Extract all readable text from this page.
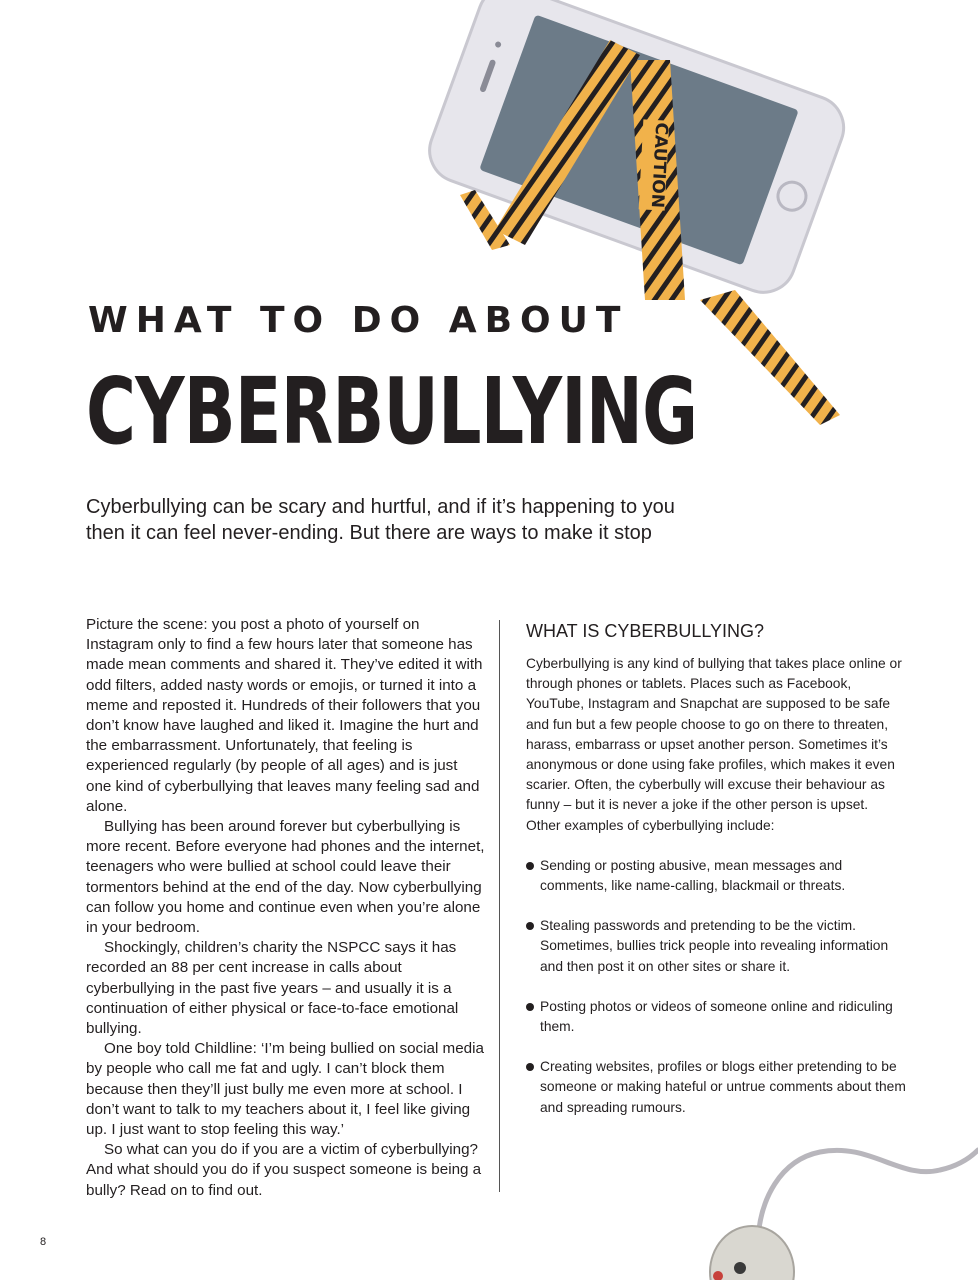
CAUTION
WHAT TO DO ABOUT
CYBERBULLYING
Cyberbullying can be scary and hurtful, and if it’s happening to you
then it can feel never-ending. But there are ways to make it stop

Picture the scene: you post a photo of yourself on Instagram only to find a few hours later that someone has made mean comments and shared it. They’ve edited it with odd filters, added nasty words or emojis, or turned it into a meme and reposted it. Hundreds of their followers that you don’t know have laughed and liked it. Imagine the hurt and the embarrassment. Unfortunately, that feeling is experienced regularly (by people of all ages) and is just one kind of cyberbullying that leaves many feeling sad and alone.

Bullying has been around forever but cyberbullying is more recent. Before everyone had phones and the internet, teenagers who were bullied at school could leave their tormentors behind at the end of the day. Now cyberbullying can follow you home and continue even when you’re alone in your bedroom.

Shockingly, children’s charity the NSPCC says it has recorded an 88 per cent increase in calls about cyberbullying in the past five years – and usually it is a continuation of either physical or face-to-face emotional bullying.

One boy told Childline: ‘I’m being bullied on social media by people who call me fat and ugly. I can’t block them because then they’ll just bully me even more at school. I don’t want to talk to my teachers about it, I feel like giving up. I just want to stop feeling this way.’

So what can you do if you are a victim of cyberbullying? And what should you do if you suspect someone is being a bully? Read on to find out.

WHAT IS CYBERBULLYING?

Cyberbullying is any kind of bullying that takes place online or through phones or tablets. Places such as Facebook, YouTube, Instagram and Snapchat are supposed to be safe and fun but a few people choose to go on there to threaten, harass, embarrass or upset another person. Sometimes it’s anonymous or done using fake profiles, which makes it even scarier. Often, the cyberbully will excuse their behaviour as funny – but it is never a joke if the other person is upset. Other examples of cyberbullying include:

Sending or posting abusive, mean messages and comments, like name-calling, blackmail or threats.
Stealing passwords and pretending to be the victim. Sometimes, bullies trick people into revealing information and then post it on other sites or share it.
Posting photos or videos of someone online and ridiculing them.
Creating websites, profiles or blogs either pretending to be someone or making hateful or untrue comments about them and spreading rumours.
8
